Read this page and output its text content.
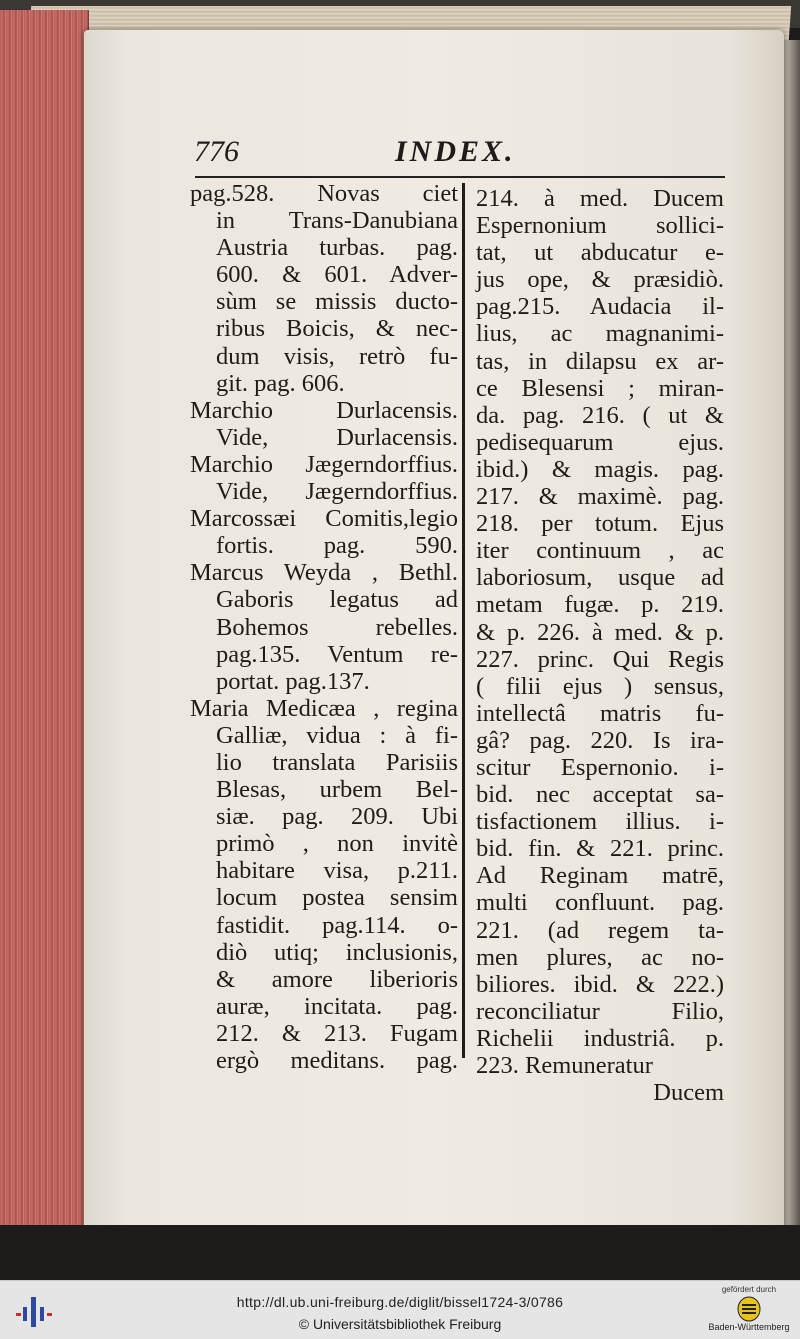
776	INDEX.
pag.528. Novas ciet
in Trans-Danubiana
Austria turbas. pag.
600. & 601. Adver-
sùm se missis ducto-
ribus Boicis, & nec-
dum visis, retrò fu-
git. pag. 606.
Marchio Durlacensis.
Vide, Durlacensis.
Marchio Jægerndorffius.
Vide, Jægerndorffius.
Marcossæi Comitis,legio
fortis. pag. 590.
Marcus Weyda , Bethl.
Gaboris legatus ad
Bohemos rebelles.
pag.135. Ventum re-
portat. pag.137.
Maria Medicæa , regina
Galliæ, vidua : à fi-
lio translata Parisiis
Blesas, urbem Bel-
siæ. pag. 209. Ubi
primò , non invitè
habitare visa, p.211.
locum postea sensim
fastidit. pag.114. o-
diò utiq; inclusionis,
& amore liberioris
auræ, incitata. pag.
212. & 213. Fugam
ergò meditans. pag.
214. à med. Ducem
Espernonium sollici-
tat, ut abducatur e-
jus ope, & præsidiò.
pag.215. Audacia il-
lius, ac magnanimi-
tas, in dilapsu ex ar-
ce Blesensi ; miran-
da. pag. 216. ( ut &
pedisequarum ejus.
ibid.) & magis. pag.
217. & maximè. pag.
218. per totum. Ejus
iter continuum , ac
laboriosum, usque ad
metam fugæ. p. 219.
& p. 226. à med. & p.
227. princ. Qui Regis
( filii ejus ) sensus,
intellectâ matris fu-
gâ? pag. 220. Is ira-
scitur Espernonio. i-
bid. nec acceptat sa-
tisfactionem illius. i-
bid. fin. & 221. princ.
Ad Reginam matrē,
multi confluunt. pag.
221. (ad regem ta-
men plures, ac no-
biliores. ibid. & 222.)
reconciliatur Filio,
Richelii industriâ. p.
223. Remuneratur
Ducem
http://dl.ub.uni-freiburg.de/diglit/bissel1724-3/0786
© Universitätsbibliothek Freiburg
gefördert durch
Baden-Württemberg
